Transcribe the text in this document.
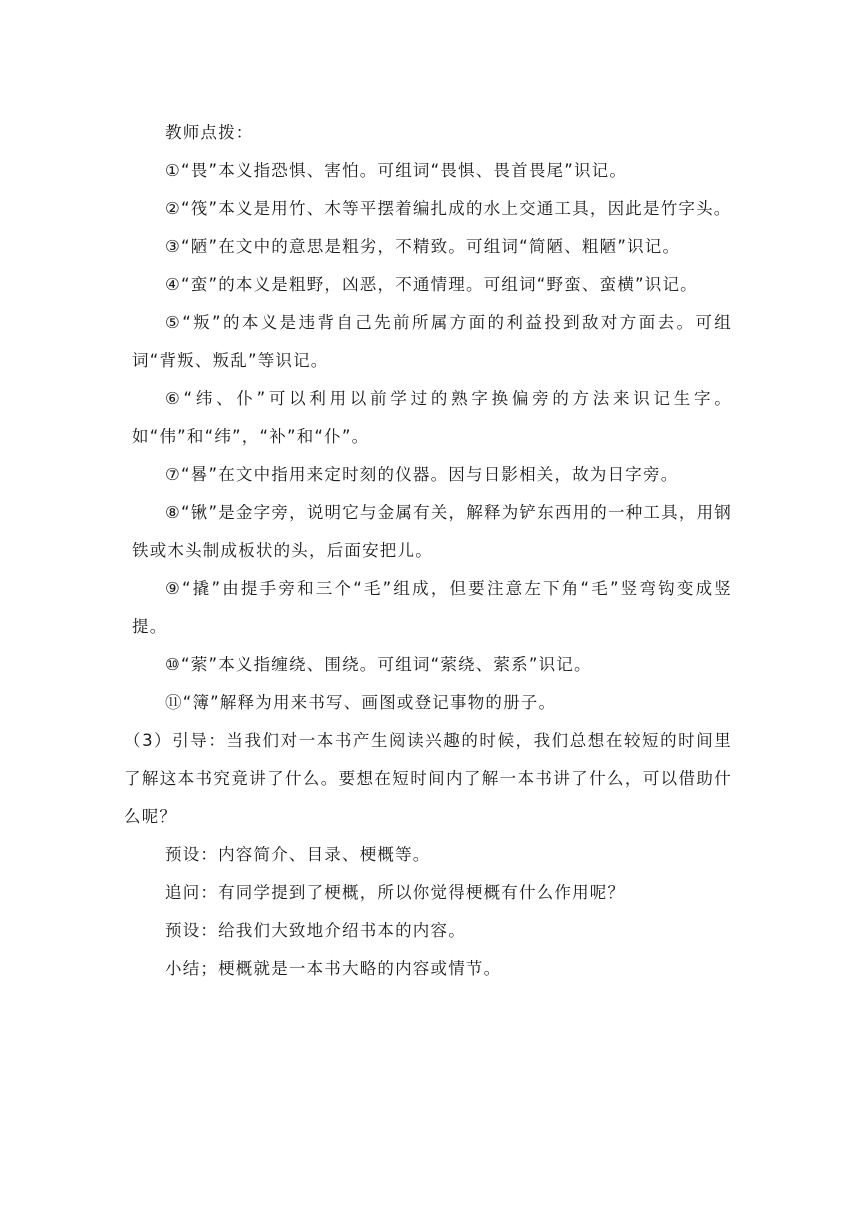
教师点拨：

①“畏”本义指恐惧、害怕。可组词“畏惧、畏首畏尾”识记。

②“筏”本义是用竹、木等平摆着编扎成的水上交通工具，因此是竹字头。

③“陋”在文中的意思是粗劣，不精致。可组词“简陋、粗陋”识记。

④“蛮”的本义是粗野，凶恶，不通情理。可组词“野蛮、蛮横”识记。

⑤“叛”的本义是违背自己先前所属方面的利益投到敌对方面去。可组词“背叛、叛乱”等识记。

⑥“纬、仆”可以利用以前学过的熟字换偏旁的方法来识记生字。如“伟”和“纬”，“补”和“仆”。

⑦“晷”在文中指用来定时刻的仪器。因与日影相关，故为日字旁。

⑧“锹”是金字旁，说明它与金属有关，解释为铲东西用的一种工具，用钢铁或木头制成板状的头，后面安把儿。

⑨“撬”由提手旁和三个“毛”组成，但要注意左下角“毛”竖弯钩变成竖提。

⑩“萦”本义指缠绕、围绕。可组词“萦绕、萦系”识记。

⑪“簿”解释为用来书写、画图或登记事物的册子。

（3）引导：当我们对一本书产生阅读兴趣的时候，我们总想在较短的时间里了解这本书究竟讲了什么。要想在短时间内了解一本书讲了什么，可以借助什么呢？

预设：内容简介、目录、梗概等。

追问：有同学提到了梗概，所以你觉得梗概有什么作用呢？

预设：给我们大致地介绍书本的内容。

小结；梗概就是一本书大略的内容或情节。
